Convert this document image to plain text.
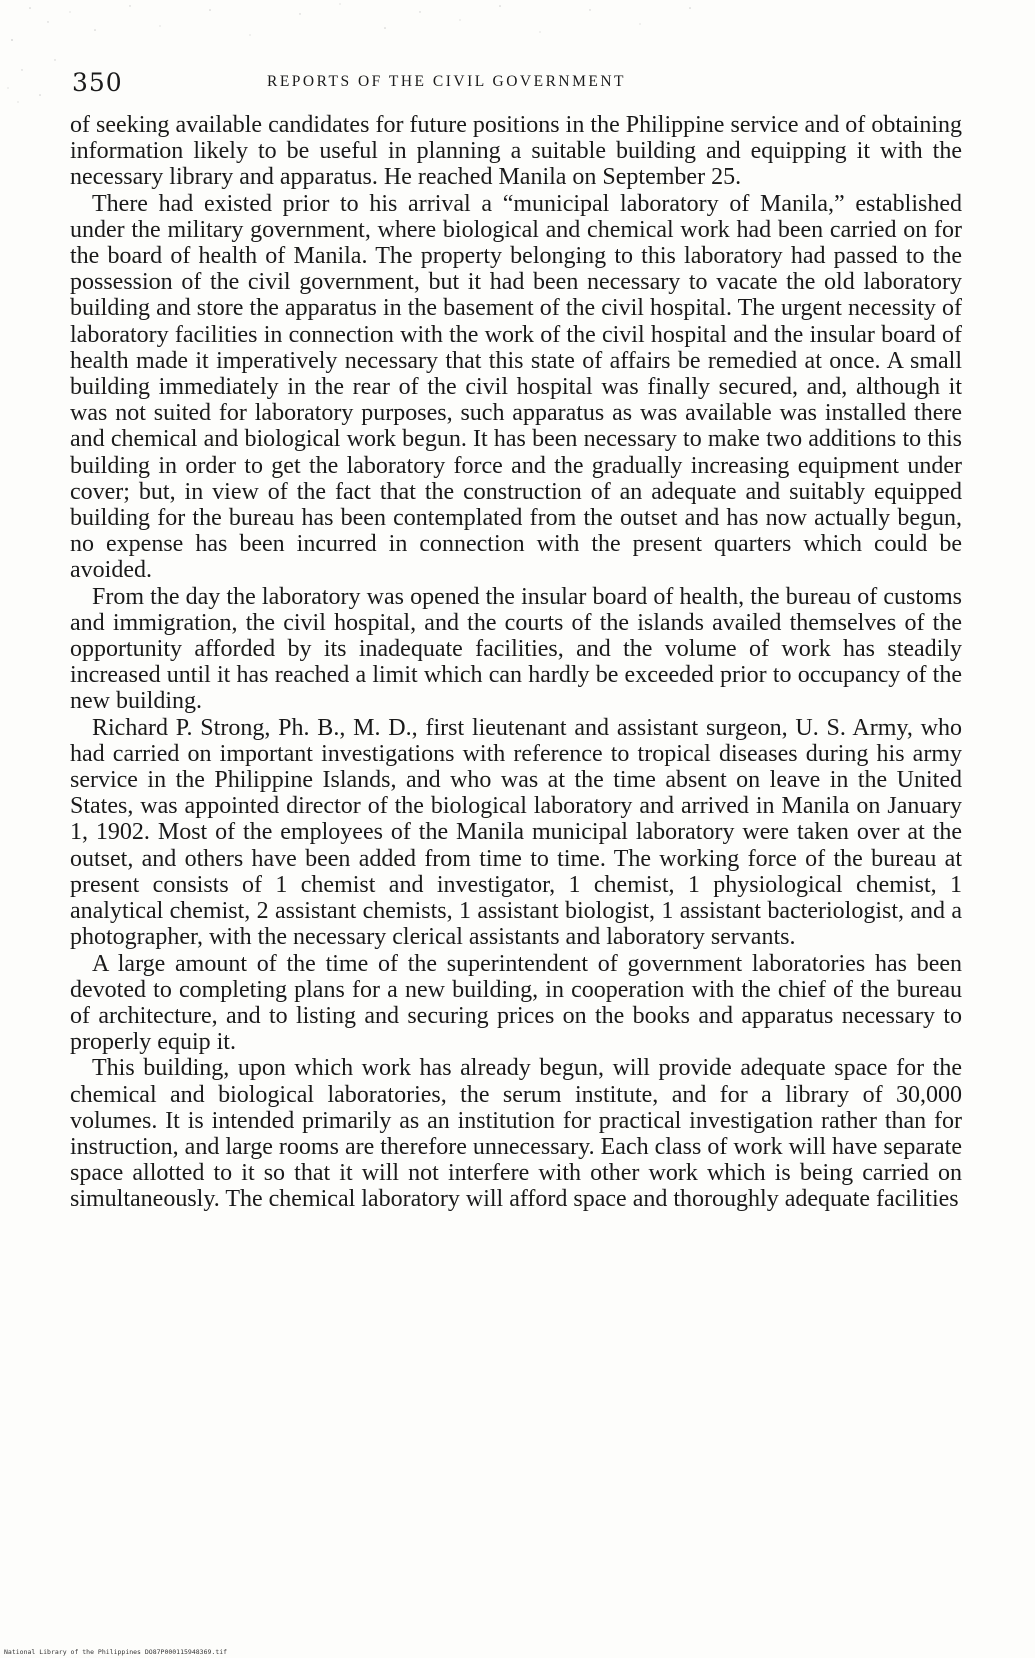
350	REPORTS OF THE CIVIL GOVERNMENT

of seeking available candidates for future positions in the Philippine service and of obtaining information likely to be useful in planning a suitable building and equipping it with the necessary library and apparatus. He reached Manila on September 25.

There had existed prior to his arrival a “municipal laboratory of Manila,” established under the military government, where biological and chemical work had been carried on for the board of health of Manila. The property belonging to this laboratory had passed to the possession of the civil government, but it had been necessary to vacate the old laboratory building and store the apparatus in the basement of the civil hospital. The urgent necessity of laboratory facilities in connection with the work of the civil hospital and the insular board of health made it imperatively necessary that this state of affairs be remedied at once. A small building immediately in the rear of the civil hospital was finally secured, and, although it was not suited for laboratory purposes, such apparatus as was available was installed there and chemical and biological work begun. It has been necessary to make two additions to this building in order to get the laboratory force and the gradually increasing equipment under cover; but, in view of the fact that the construction of an adequate and suitably equipped building for the bureau has been contemplated from the outset and has now actually begun, no expense has been incurred in connection with the present quarters which could be avoided.

From the day the laboratory was opened the insular board of health, the bureau of customs and immigration, the civil hospital, and the courts of the islands availed themselves of the opportunity afforded by its inadequate facilities, and the volume of work has steadily increased until it has reached a limit which can hardly be exceeded prior to occupancy of the new building.

Richard P. Strong, Ph. B., M. D., first lieutenant and assistant surgeon, U. S. Army, who had carried on important investigations with reference to tropical diseases during his army service in the Philippine Islands, and who was at the time absent on leave in the United States, was appointed director of the biological laboratory and arrived in Manila on January 1, 1902. Most of the employees of the Manila municipal laboratory were taken over at the outset, and others have been added from time to time. The working force of the bureau at present consists of 1 chemist and investigator, 1 chemist, 1 physiological chemist, 1 analytical chemist, 2 assistant chemists, 1 assistant biologist, 1 assistant bacteriologist, and a photographer, with the necessary clerical assistants and laboratory servants.

A large amount of the time of the superintendent of government laboratories has been devoted to completing plans for a new building, in cooperation with the chief of the bureau of architecture, and to listing and securing prices on the books and apparatus necessary to properly equip it.

This building, upon which work has already begun, will provide adequate space for the chemical and biological laboratories, the serum institute, and for a library of 30,000 volumes. It is intended primarily as an institution for practical investigation rather than for instruction, and large rooms are therefore unnecessary. Each class of work will have separate space allotted to it so that it will not interfere with other work which is being carried on simultaneously. The chemical laboratory will afford space and thoroughly adequate facilities

National Library of the Philippines DO87P000115948369.tif
